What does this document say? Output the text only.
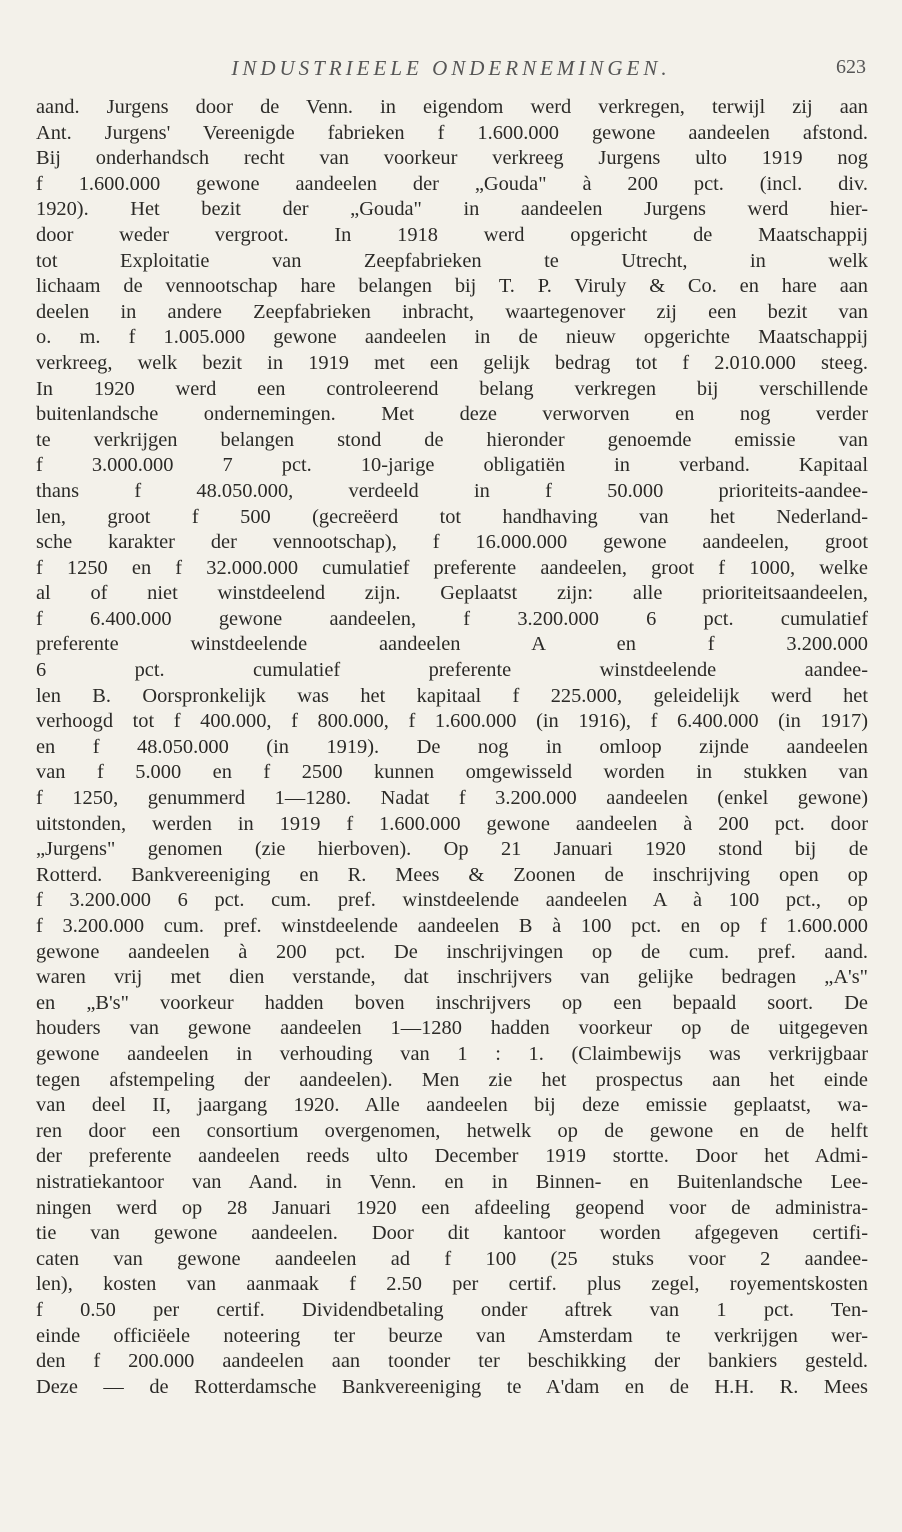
INDUSTRIEELE ONDERNEMINGEN.	623
aand. Jurgens door de Venn. in eigendom werd verkregen, terwijl zij aan
Ant. Jurgens' Vereenigde fabrieken f 1.600.000 gewone aandeelen afstond.
Bij onderhandsch recht van voorkeur verkreeg Jurgens ulto 1919 nog
f 1.600.000 gewone aandeelen der „Gouda" à 200 pct. (incl. div.
1920). Het bezit der „Gouda" in aandeelen Jurgens werd hier-
door weder vergroot. In 1918 werd opgericht de Maatschappij
tot Exploitatie van Zeepfabrieken te Utrecht, in welk
lichaam de vennootschap hare belangen bij T. P. Viruly & Co. en hare aan
deelen in andere Zeepfabrieken inbracht, waartegenover zij een bezit van
o. m. f 1.005.000 gewone aandeelen in de nieuw opgerichte Maatschappij
verkreeg, welk bezit in 1919 met een gelijk bedrag tot f 2.010.000 steeg.
In 1920 werd een controleerend belang verkregen bij verschillende
buitenlandsche ondernemingen. Met deze verworven en nog verder
te verkrijgen belangen stond de hieronder genoemde emissie van
f 3.000.000 7 pct. 10-jarige obligatiën in verband. Kapitaal
thans f 48.050.000, verdeeld in f 50.000 prioriteits-aandee-
len, groot f 500 (gecreëerd tot handhaving van het Nederland-
sche karakter der vennootschap), f 16.000.000 gewone aandeelen, groot
f 1250 en f 32.000.000 cumulatief preferente aandeelen, groot f 1000, welke
al of niet winstdeelend zijn. Geplaatst zijn: alle prioriteitsaandeelen,
f 6.400.000 gewone aandeelen, f 3.200.000 6 pct. cumulatief
preferente winstdeelende aandeelen A en f 3.200.000
6 pct. cumulatief preferente winstdeelende aandee-
len B. Oorspronkelijk was het kapitaal f 225.000, geleidelijk werd het
verhoogd tot f 400.000, f 800.000, f 1.600.000 (in 1916), f 6.400.000 (in 1917)
en f 48.050.000 (in 1919). De nog in omloop zijnde aandeelen
van f 5.000 en f 2500 kunnen omgewisseld worden in stukken van
f 1250, genummerd 1—1280. Nadat f 3.200.000 aandeelen (enkel gewone)
uitstonden, werden in 1919 f 1.600.000 gewone aandeelen à 200 pct. door
„Jurgens" genomen (zie hierboven). Op 21 Januari 1920 stond bij de
Rotterd. Bankvereeniging en R. Mees & Zoonen de inschrijving open op
f 3.200.000 6 pct. cum. pref. winstdeelende aandeelen A à 100 pct., op
f 3.200.000 cum. pref. winstdeelende aandeelen B à 100 pct. en op f 1.600.000
gewone aandeelen à 200 pct. De inschrijvingen op de cum. pref. aand.
waren vrij met dien verstande, dat inschrijvers van gelijke bedragen „A's"
en „B's" voorkeur hadden boven inschrijvers op een bepaald soort. De
houders van gewone aandeelen 1—1280 hadden voorkeur op de uitgegeven
gewone aandeelen in verhouding van 1 : 1. (Claimbewijs was verkrijgbaar
tegen afstempeling der aandeelen). Men zie het prospectus aan het einde
van deel II, jaargang 1920. Alle aandeelen bij deze emissie geplaatst, wa-
ren door een consortium overgenomen, hetwelk op de gewone en de helft
der preferente aandeelen reeds ulto December 1919 stortte. Door het Admi-
nistratiekantoor van Aand. in Venn. en in Binnen- en Buitenlandsche Lee-
ningen werd op 28 Januari 1920 een afdeeling geopend voor de administra-
tie van gewone aandeelen. Door dit kantoor worden afgegeven certifi-
caten van gewone aandeelen ad f 100 (25 stuks voor 2 aandee-
len), kosten van aanmaak f 2.50 per certif. plus zegel, royementskosten
f 0.50 per certif. Dividendbetaling onder aftrek van 1 pct. Ten-
einde officiëele noteering ter beurze van Amsterdam te verkrijgen wer-
den f 200.000 aandeelen aan toonder ter beschikking der bankiers gesteld.
Deze — de Rotterdamsche Bankvereeniging te A'dam en de H.H. R. Mees
